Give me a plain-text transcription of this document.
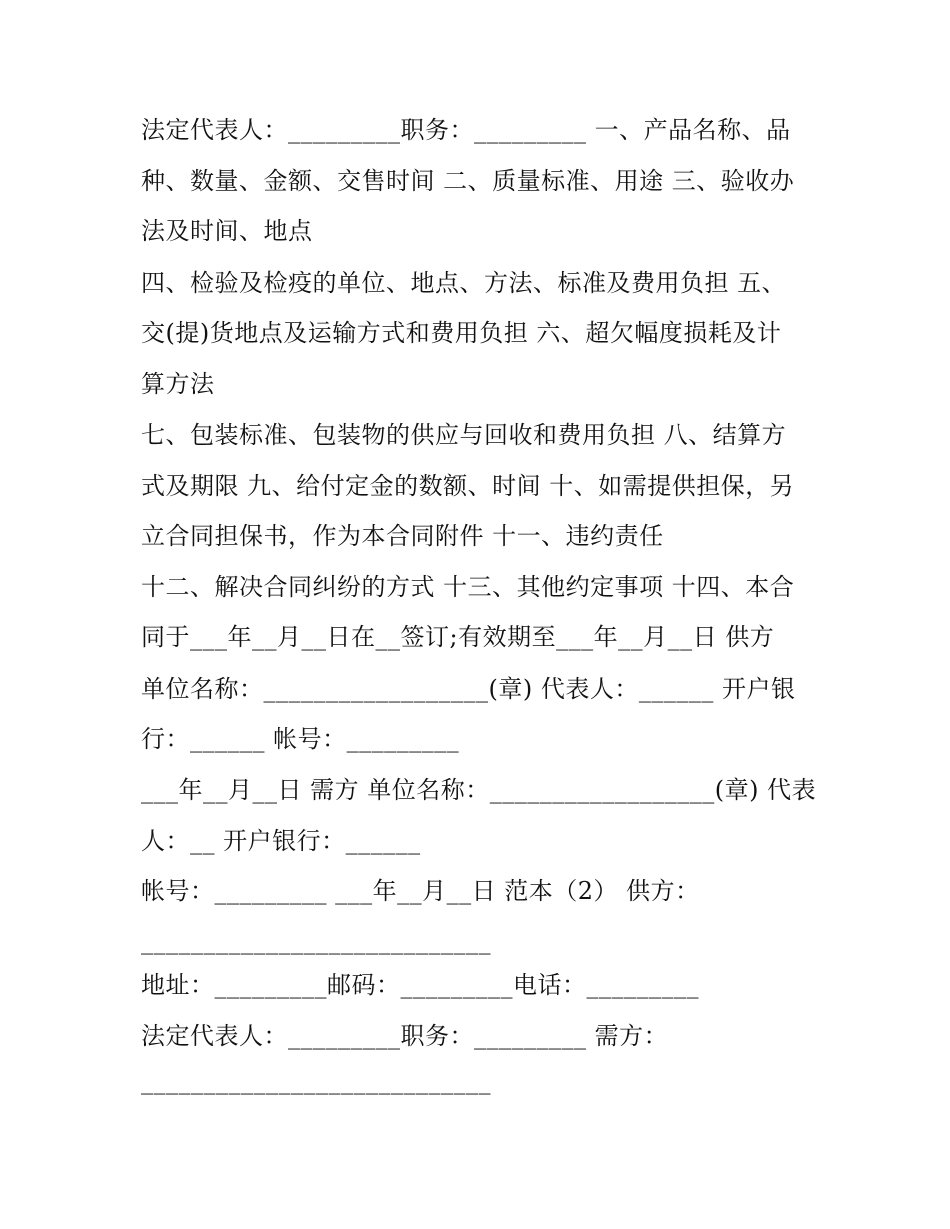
法定代表人：_________职务：_________ 一、产品名称、品
种、数量、金额、交售时间 二、质量标准、用途 三、验收办
法及时间、地点
四、检验及检疫的单位、地点、方法、标准及费用负担 五、
交(提)货地点及运输方式和费用负担 六、超欠幅度损耗及计
算方法
七、包装标准、包装物的供应与回收和费用负担 八、结算方
式及期限 九、给付定金的数额、时间 十、如需提供担保，另
立合同担保书，作为本合同附件 十一、违约责任
十二、解决合同纠纷的方式 十三、其他约定事项 十四、本合
同于___年__月__日在__签订;有效期至___年__月__日 供方
单位名称：__________________(章) 代表人：______ 开户银
行：______ 帐号：_________
___年__月__日 需方 单位名称：__________________(章) 代表
人：__ 开户银行：______
帐号：_________ ___年__月__日 范本（2） 供方：
____________________________
地址：_________邮码：_________电话：_________
法定代表人：_________职务：_________ 需方：
____________________________
